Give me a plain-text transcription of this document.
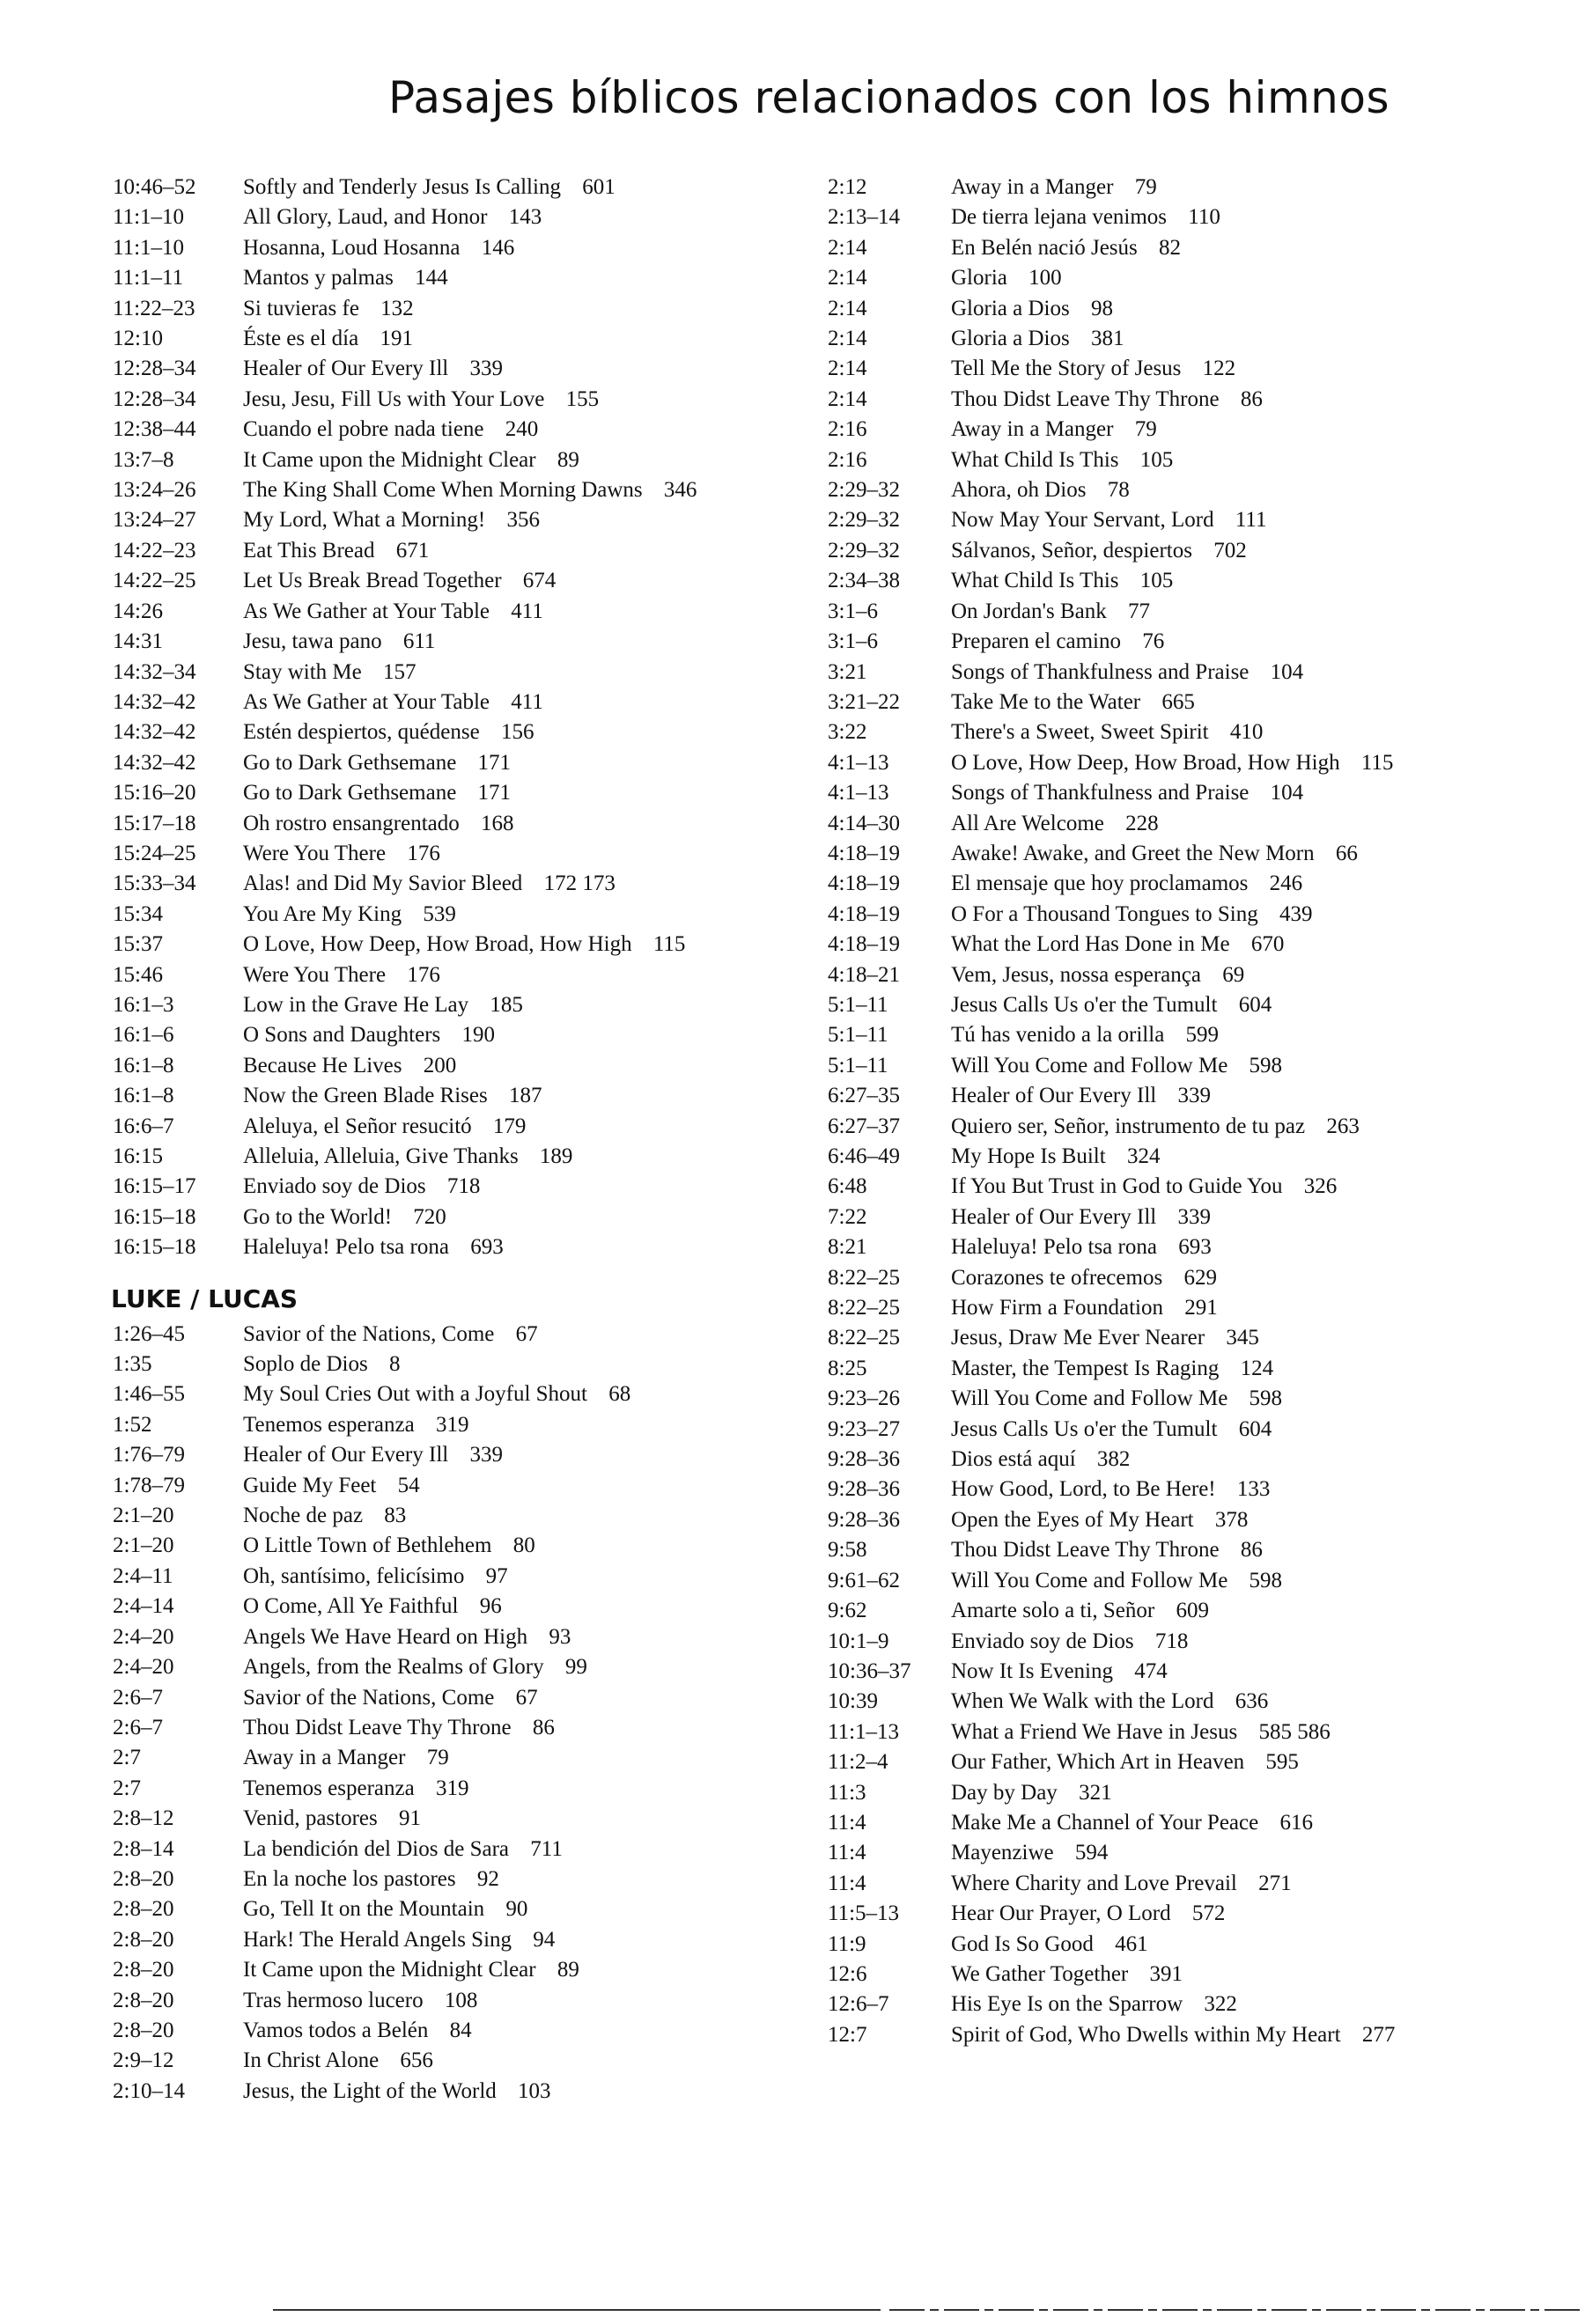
Pasajes bíblicos relacionados con los himnos
10:46–52	Softly and Tenderly Jesus Is Calling 601
11:1–10	All Glory, Laud, and Honor 143
11:1–10	Hosanna, Loud Hosanna 146
11:1–11	Mantos y palmas 144
11:22–23	Si tuvieras fe 132
12:10	Éste es el día 191
12:28–34	Healer of Our Every Ill 339
12:28–34	Jesu, Jesu, Fill Us with Your Love 155
12:38–44	Cuando el pobre nada tiene 240
13:7–8	It Came upon the Midnight Clear 89
13:24–26	The King Shall Come When Morning Dawns 346
13:24–27	My Lord, What a Morning! 356
14:22–23	Eat This Bread 671
14:22–25	Let Us Break Bread Together 674
14:26	As We Gather at Your Table 411
14:31	Jesu, tawa pano 611
14:32–34	Stay with Me 157
14:32–42	As We Gather at Your Table 411
14:32–42	Estén despiertos, quédense 156
14:32–42	Go to Dark Gethsemane 171
15:16–20	Go to Dark Gethsemane 171
15:17–18	Oh rostro ensangrentado 168
15:24–25	Were You There 176
15:33–34	Alas! and Did My Savior Bleed 172 173
15:34	You Are My King 539
15:37	O Love, How Deep, How Broad, How High 115
15:46	Were You There 176
16:1–3	Low in the Grave He Lay 185
16:1–6	O Sons and Daughters 190
16:1–8	Because He Lives 200
16:1–8	Now the Green Blade Rises 187
16:6–7	Aleluya, el Señor resucitó 179
16:15	Alleluia, Alleluia, Give Thanks 189
16:15–17	Enviado soy de Dios 718
16:15–18	Go to the World! 720
16:15–18	Haleluya! Pelo tsa rona 693
LUKE / LUCAS
1:26–45	Savior of the Nations, Come 67
1:35	Soplo de Dios 8
1:46–55	My Soul Cries Out with a Joyful Shout 68
1:52	Tenemos esperanza 319
1:76–79	Healer of Our Every Ill 339
1:78–79	Guide My Feet 54
2:1–20	Noche de paz 83
2:1–20	O Little Town of Bethlehem 80
2:4–11	Oh, santísimo, felicísimo 97
2:4–14	O Come, All Ye Faithful 96
2:4–20	Angels We Have Heard on High 93
2:4–20	Angels, from the Realms of Glory 99
2:6–7	Savior of the Nations, Come 67
2:6–7	Thou Didst Leave Thy Throne 86
2:7	Away in a Manger 79
2:7	Tenemos esperanza 319
2:8–12	Venid, pastores 91
2:8–14	La bendición del Dios de Sara 711
2:8–20	En la noche los pastores 92
2:8–20	Go, Tell It on the Mountain 90
2:8–20	Hark! The Herald Angels Sing 94
2:8–20	It Came upon the Midnight Clear 89
2:8–20	Tras hermoso lucero 108
2:8–20	Vamos todos a Belén 84
2:9–12	In Christ Alone 656
2:10–14	Jesus, the Light of the World 103
2:12	Away in a Manger 79
2:13–14	De tierra lejana venimos 110
2:14	En Belén nació Jesús 82
2:14	Gloria 100
2:14	Gloria a Dios 98
2:14	Gloria a Dios 381
2:14	Tell Me the Story of Jesus 122
2:14	Thou Didst Leave Thy Throne 86
2:16	Away in a Manger 79
2:16	What Child Is This 105
2:29–32	Ahora, oh Dios 78
2:29–32	Now May Your Servant, Lord 111
2:29–32	Sálvanos, Señor, despiertos 702
2:34–38	What Child Is This 105
3:1–6	On Jordan's Bank 77
3:1–6	Preparen el camino 76
3:21	Songs of Thankfulness and Praise 104
3:21–22	Take Me to the Water 665
3:22	There's a Sweet, Sweet Spirit 410
4:1–13	O Love, How Deep, How Broad, How High 115
4:1–13	Songs of Thankfulness and Praise 104
4:14–30	All Are Welcome 228
4:18–19	Awake! Awake, and Greet the New Morn 66
4:18–19	El mensaje que hoy proclamamos 246
4:18–19	O For a Thousand Tongues to Sing 439
4:18–19	What the Lord Has Done in Me 670
4:18–21	Vem, Jesus, nossa esperança 69
5:1–11	Jesus Calls Us o'er the Tumult 604
5:1–11	Tú has venido a la orilla 599
5:1–11	Will You Come and Follow Me 598
6:27–35	Healer of Our Every Ill 339
6:27–37	Quiero ser, Señor, instrumento de tu paz 263
6:46–49	My Hope Is Built 324
6:48	If You But Trust in God to Guide You 326
7:22	Healer of Our Every Ill 339
8:21	Haleluya! Pelo tsa rona 693
8:22–25	Corazones te ofrecemos 629
8:22–25	How Firm a Foundation 291
8:22–25	Jesus, Draw Me Ever Nearer 345
8:25	Master, the Tempest Is Raging 124
9:23–26	Will You Come and Follow Me 598
9:23–27	Jesus Calls Us o'er the Tumult 604
9:28–36	Dios está aquí 382
9:28–36	How Good, Lord, to Be Here! 133
9:28–36	Open the Eyes of My Heart 378
9:58	Thou Didst Leave Thy Throne 86
9:61–62	Will You Come and Follow Me 598
9:62	Amarte solo a ti, Señor 609
10:1–9	Enviado soy de Dios 718
10:36–37	Now It Is Evening 474
10:39	When We Walk with the Lord 636
11:1–13	What a Friend We Have in Jesus 585 586
11:2–4	Our Father, Which Art in Heaven 595
11:3	Day by Day 321
11:4	Make Me a Channel of Your Peace 616
11:4	Mayenziwe 594
11:4	Where Charity and Love Prevail 271
11:5–13	Hear Our Prayer, O Lord 572
11:9	God Is So Good 461
12:6	We Gather Together 391
12:6–7	His Eye Is on the Sparrow 322
12:7	Spirit of God, Who Dwells within My Heart 277
